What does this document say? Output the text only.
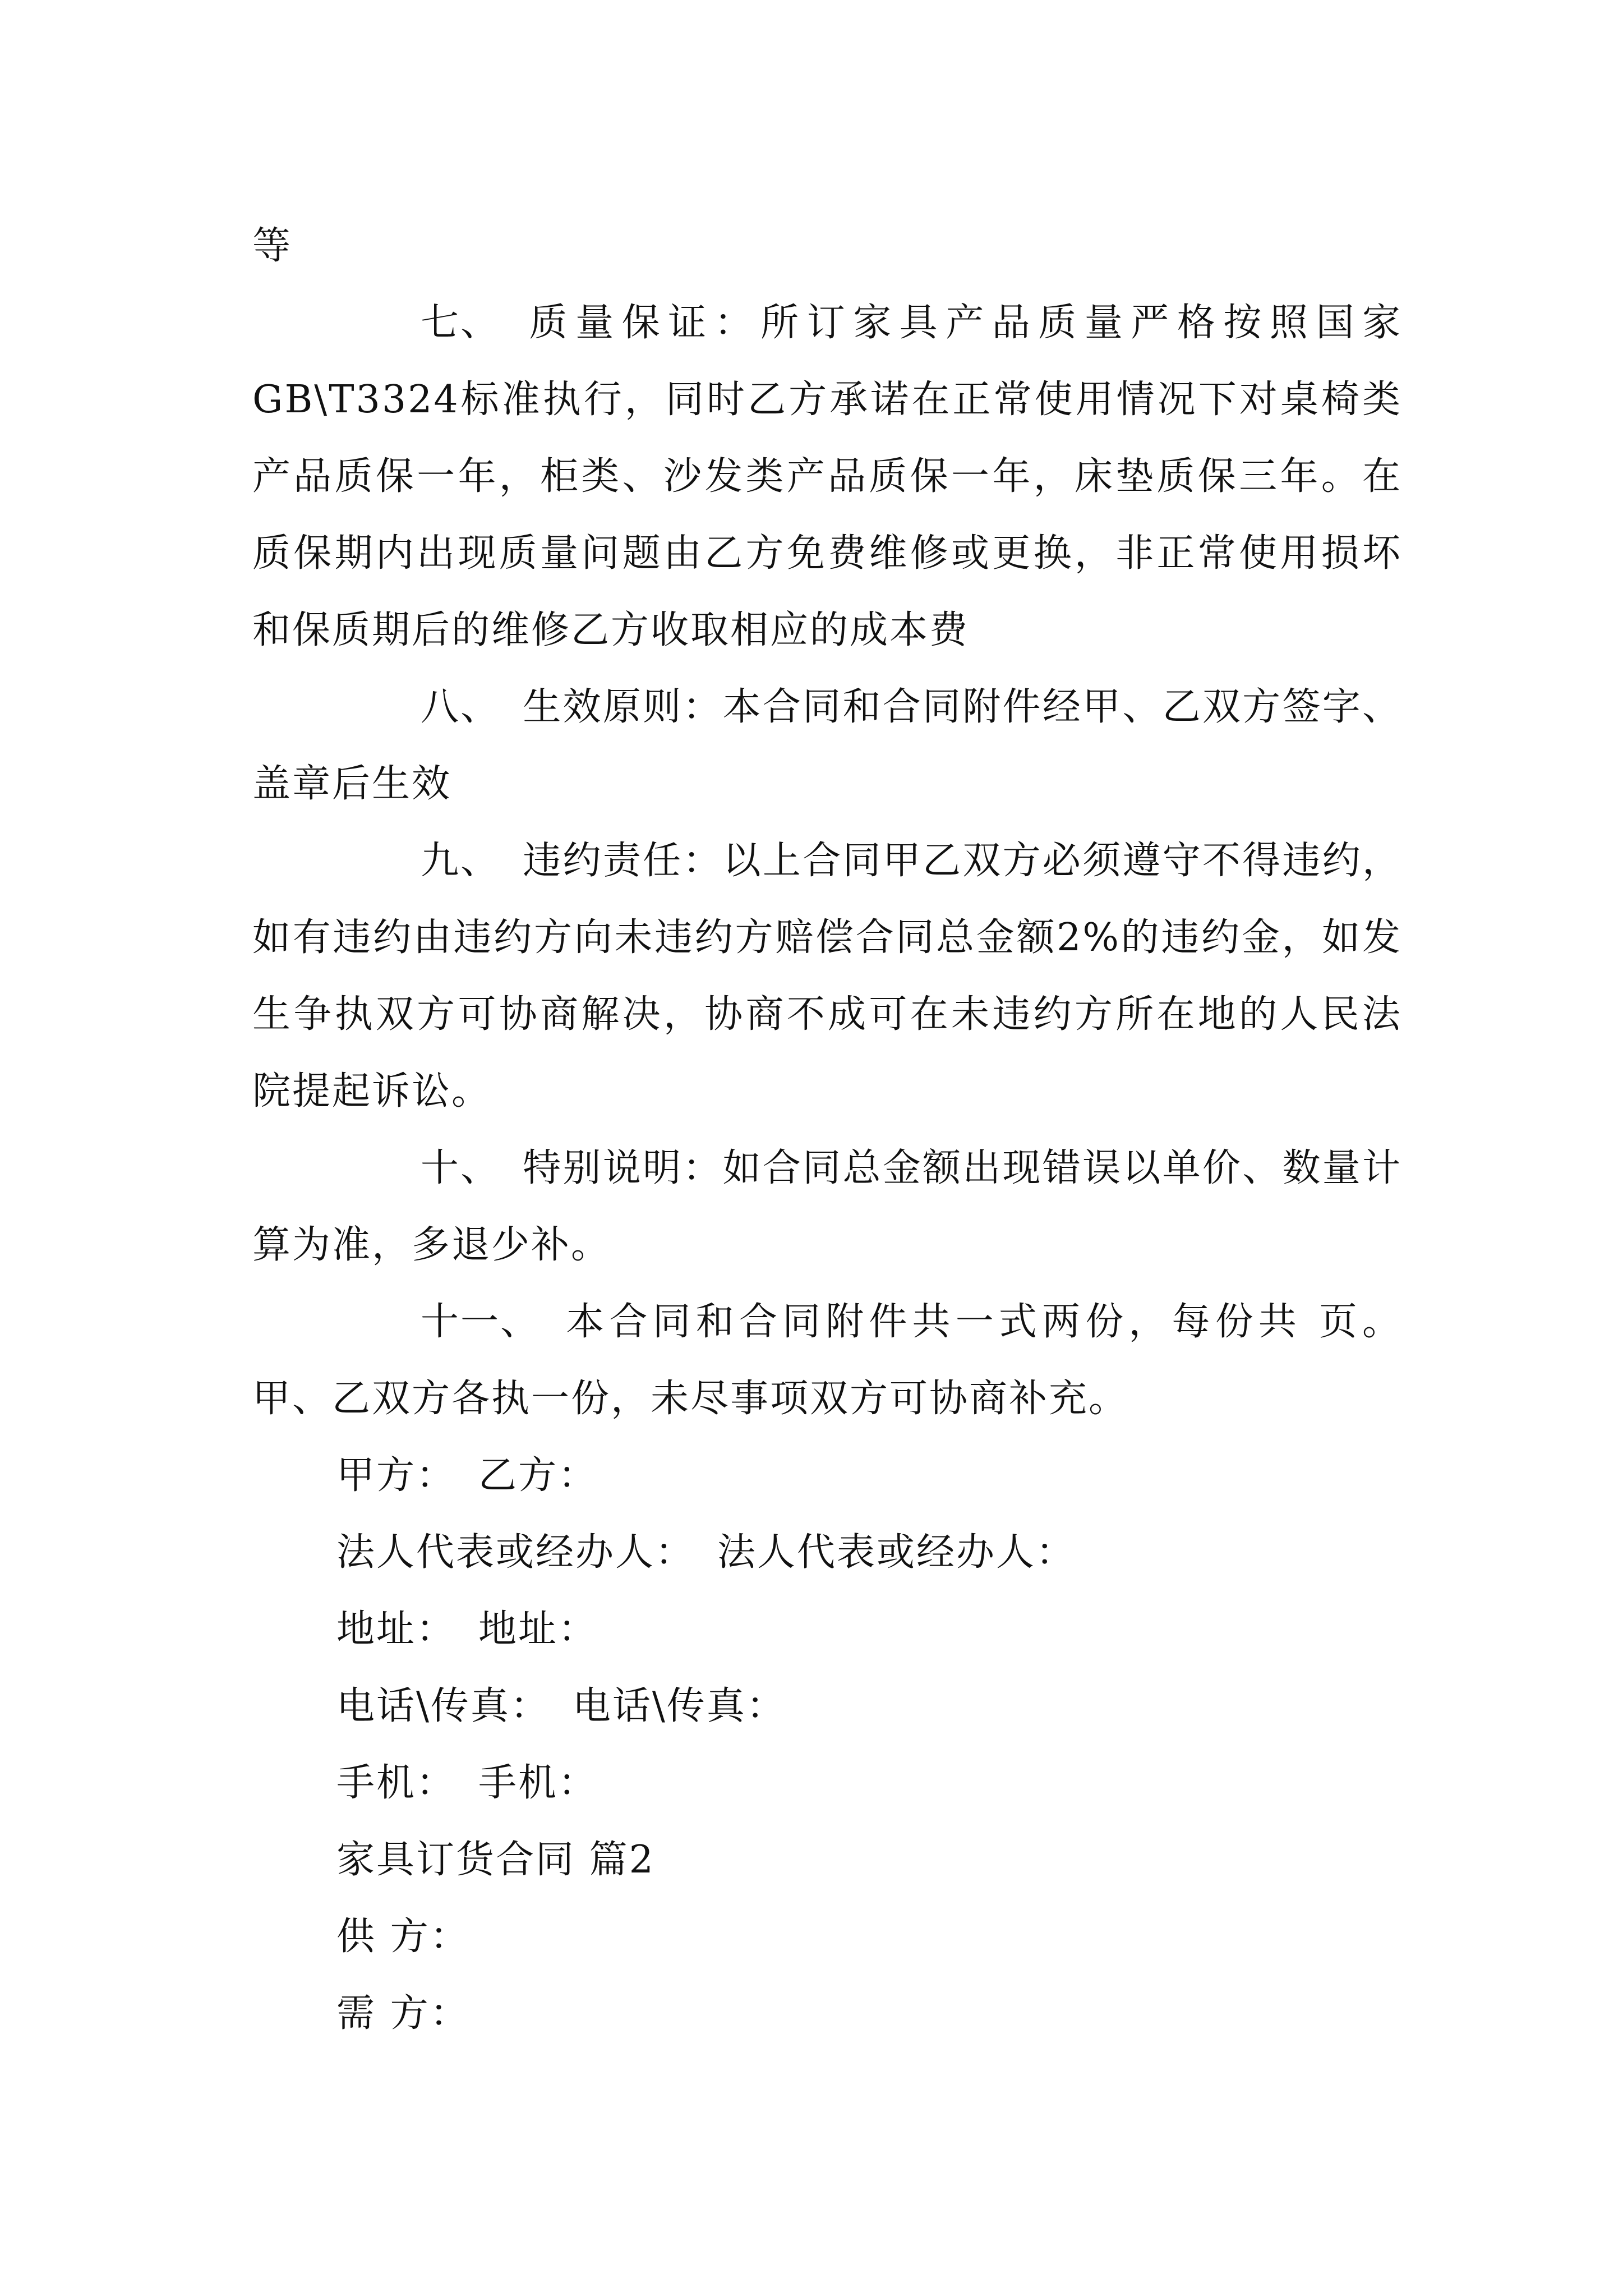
等

七、 质量保证：所订家具产品质量严格按照国家GB\T3324标准执行，同时乙方承诺在正常使用情况下对桌椅类产品质保一年，柜类、沙发类产品质保一年，床垫质保三年。在质保期内出现质量问题由乙方免费维修或更换，非正常使用损坏和保质期后的维修乙方收取相应的成本费

八、 生效原则：本合同和合同附件经甲、乙双方签字、盖章后生效

九、 违约责任：以上合同甲乙双方必须遵守不得违约，如有违约由违约方向未违约方赔偿合同总金额2%的违约金，如发生争执双方可协商解决，协商不成可在未违约方所在地的人民法院提起诉讼。

十、 特别说明：如合同总金额出现错误以单价、数量计算为准，多退少补。

十一、 本合同和合同附件共一式两份，每份共 页。甲、乙双方各执一份，未尽事项双方可协商补充。

甲方： 乙方：

法人代表或经办人： 法人代表或经办人：

地址： 地址：

电话\传真： 电话\传真：

手机： 手机：

家具订货合同 篇2

供 方：

需 方：
